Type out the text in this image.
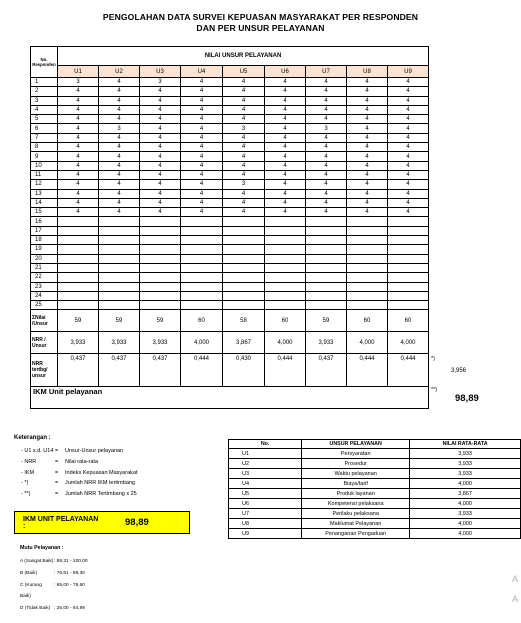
PENGOLAHAN DATA SURVEI KEPUASAN MASYARAKAT PER RESPONDEN
DAN PER UNSUR PELAYANAN
No. Responden	NILAI UNSUR PELAYANAN									
	U1	U2	U3	U4	U5	U6	U7	U8	U9	
1	3	4	3	4	4	4	4	4	4	
2	4	4	4	4	4	4	4	4	4	
3	4	4	4	4	4	4	4	4	4	
4	4	4	4	4	4	4	4	4	4	
5	4	4	4	4	4	4	4	4	4	
6	4	3	4	4	3	4	3	4	4	
7	4	4	4	4	4	4	4	4	4	
8	4	4	4	4	4	4	4	4	4	
9	4	4	4	4	4	4	4	4	4	
10	4	4	4	4	4	4	4	4	4	
11	4	4	4	4	4	4	4	4	4	
12	4	4	4	4	3	4	4	4	4	
13	4	4	4	4	4	4	4	4	4	
14	4	4	4	4	4	4	4	4	4	
15	4	4	4	4	4	4	4	4	4	
16										
17										
18										
19										
20										
21										
22										
23										
24										
25										
ΣNilai /Unsur	59	59	59	60	58	60	59	60	60	
NRR / Unsur	3,933	3,933	3,933	4,000	3,867	4,000	3,933	4,000	4,000	
NRR tertbg/ unsur	0,437	0,437	0,437	0,444	0,430	0,444	0,437	0,444	0,444	*)
3,956

IKM Unit pelayanan										**)
98,89
Keterangan :
- U1 s.d. U14 =	Unsur-Unsur pelayanan
- NRR	=	Nilai rata-rata
- IKM	=	Indeks Kepuasan Masyarakat
- *)	=	Jumlah NRR IKM tertimbang
- **)	=	Jumlah NRR Tertimbang x 25
IKM UNIT PELAYANAN :	98,89
Mutu Pelayanan :
A (Sangat Baik) : 88,31 - 100,00
B (Baik)	: 76,61 - 88,30
C (Kurang Baik)
: 65,00 - 76,60
D (Tidak Baik) : 25,00 - 64,99
No.	UNSUR PELAYANAN	NILAI RATA-RATA
U1	Persyaratan	3,933
U2	Prosedur	3,933
U3	Waktu pelayanan	3,933
U4	Biaya/tarif	4,000
U5	Produk layanan	3,867
U6	Kompetensi pelaksana	4,000
U7	Perilaku pelaksana	3,933
U8	Maklumat Pelayanan	4,000
U9	Penanganan Pengaduan	4,000
A
A
